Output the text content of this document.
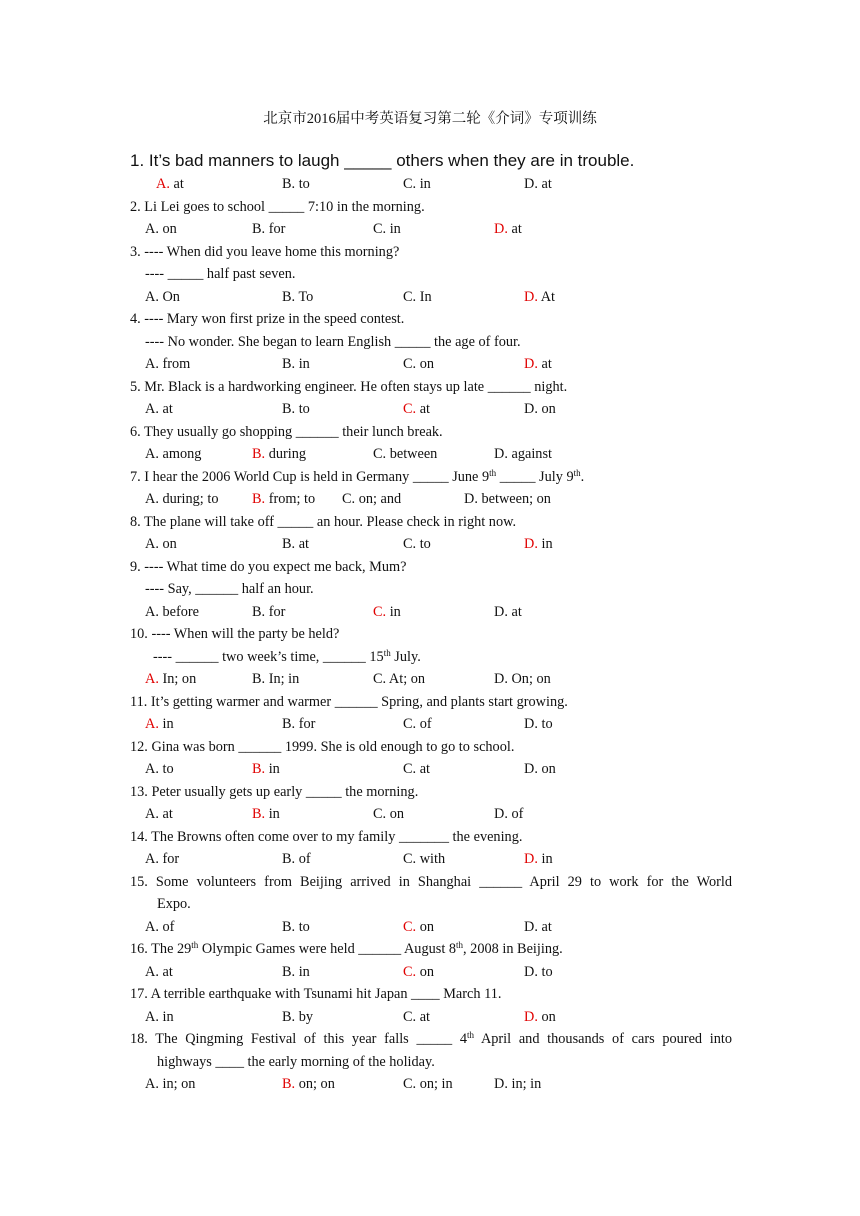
北京市2016届中考英语复习第二轮《介词》专项训练
1. It’s bad manners to laugh _____ others when they are in trouble.
A. at	B. to	C. in	D. at
2. Li Lei goes to school _____ 7:10 in the morning.
A. on	B. for	C. in	D. at
3. ---- When did you leave home this morning?
---- _____ half past seven.
A. On	B. To	C. In	D. At
4. ---- Mary won first prize in the speed contest.
---- No wonder. She began to learn English _____ the age of four.
A. from	B. in	C. on	D. at
5. Mr. Black is a hardworking engineer. He often stays up late ______ night.
A. at	B. to	C. at	D. on
6. They usually go shopping ______ their lunch break.
A. among	B. during	C. between	D. against
7. I hear the 2006 World Cup is held in Germany _____ June 9th _____ July 9th.
A. during; to B. from; to C. on; and	D. between; on
8. The plane will take off _____ an hour. Please check in right now.
A. on	B. at	C. to	D. in
9. ---- What time do you expect me back, Mum?
---- Say, ______ half an hour.
A. before	B. for	C. in	D. at
10. ---- When will the party be held?
---- ______ two week’s time, ______ 15th July.
A. In; on	B. In; in	C. At; on	D. On; on
11. It’s getting warmer and warmer ______ Spring, and plants start growing.
A. in	B. for	C. of	D. to
12. Gina was born ______ 1999. She is old enough to go to school.
A. to	B. in	C. at	D. on
13. Peter usually gets up early _____ the morning.
A. at	B. in	C. on	D. of
14. The Browns often come over to my family _______ the evening.
A. for	B. of	C. with	D. in
15. Some volunteers from Beijing arrived in Shanghai ______ April 29 to work for the World
Expo.
A. of	B. to	C. on	D. at
16. The 29th Olympic Games were held ______ August 8th, 2008 in Beijing.
A. at	B. in	C. on	D. to
17. A terrible earthquake with Tsunami hit Japan ____ March 11.
A. in	B. by	C. at	D. on
18. The Qingming Festival of this year falls _____ 4th April and thousands of cars poured into
highways ____ the early morning of the holiday.
A. in; on	B. on; on	C. on; in	D. in; in
